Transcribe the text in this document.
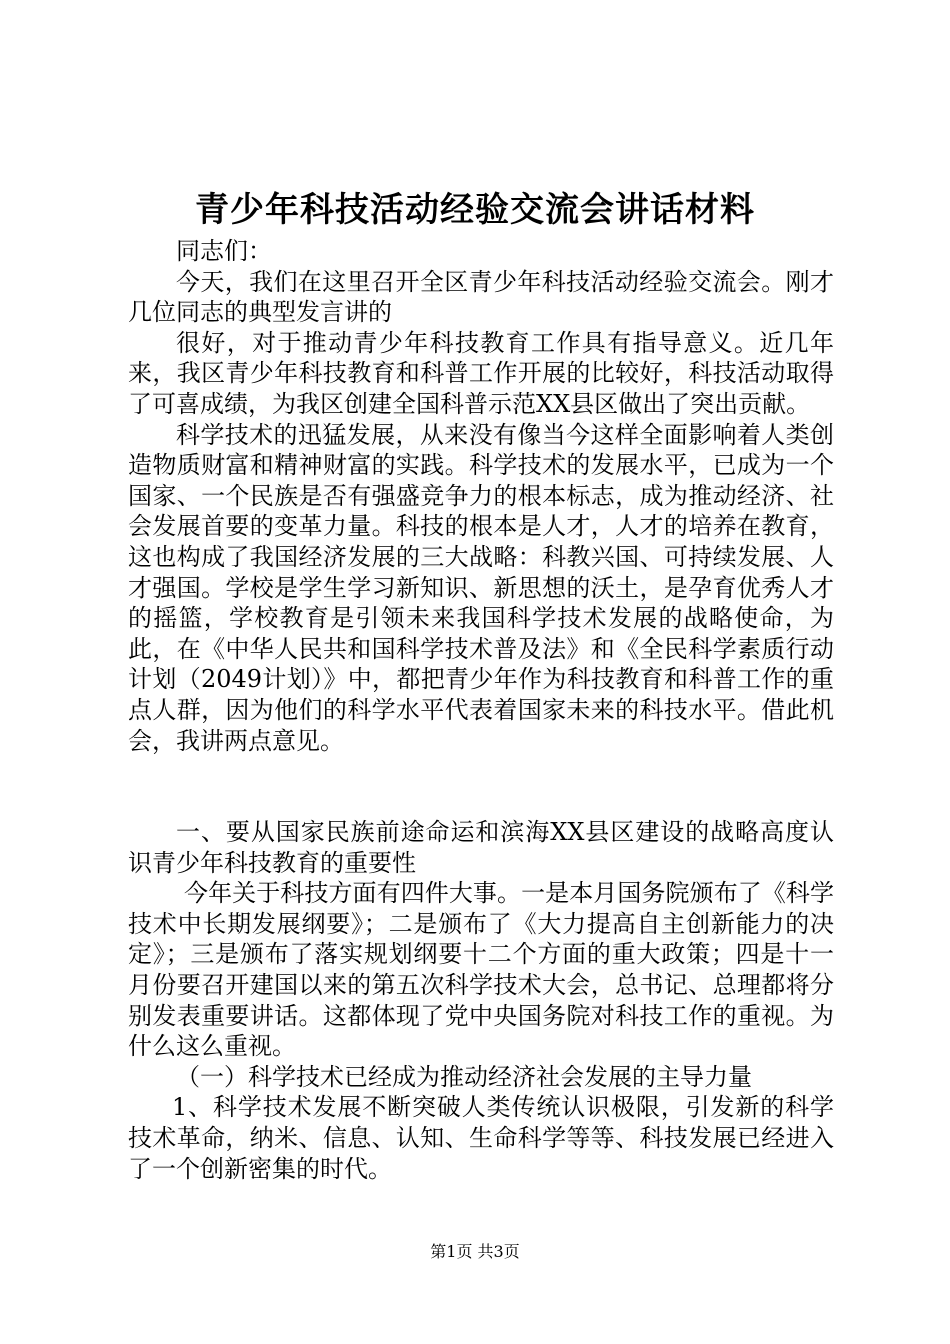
青少年科技活动经验交流会讲话材料

同志们：

今天，我们在这里召开全区青少年科技活动经验交流会。刚才几位同志的典型发言讲的

很好，对于推动青少年科技教育工作具有指导意义。近几年来，我区青少年科技教育和科普工作开展的比较好，科技活动取得了可喜成绩，为我区创建全国科普示范XX县区做出了突出贡献。

科学技术的迅猛发展，从来没有像当今这样全面影响着人类创造物质财富和精神财富的实践。科学技术的发展水平，已成为一个国家、一个民族是否有强盛竞争力的根本标志，成为推动经济、社会发展首要的变革力量。科技的根本是人才，人才的培养在教育，这也构成了我国经济发展的三大战略：科教兴国、可持续发展、人才强国。学校是学生学习新知识、新思想的沃土，是孕育优秀人才的摇篮，学校教育是引领未来我国科学技术发展的战略使命，为此，在《中华人民共和国科学技术普及法》和《全民科学素质行动计划（2049计划）》中，都把青少年作为科技教育和科普工作的重点人群，因为他们的科学水平代表着国家未来的科技水平。借此机会，我讲两点意见。

一、要从国家民族前途命运和滨海XX县区建设的战略高度认识青少年科技教育的重要性

今年关于科技方面有四件大事。一是本月国务院颁布了《科学技术中长期发展纲要》；二是颁布了《大力提高自主创新能力的决定》；三是颁布了落实规划纲要十二个方面的重大政策；四是十一月份要召开建国以来的第五次科学技术大会，总书记、总理都将分别发表重要讲话。这都体现了党中央国务院对科技工作的重视。为什么这么重视。

（一）科学技术已经成为推动经济社会发展的主导力量

1、科学技术发展不断突破人类传统认识极限，引发新的科学技术革命，纳米、信息、认知、生命科学等等、科技发展已经进入了一个创新密集的时代。

第1页 共3页
